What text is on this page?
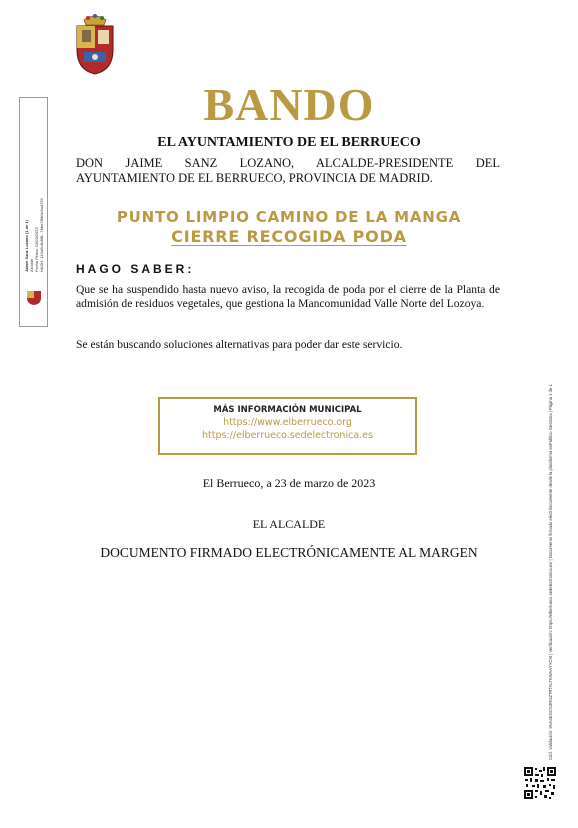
Jaime Sanz Lozano (1 de 1) Alcalde Fecha Firma: 23/03/2023 HASH: 113a5c4b8f8...7bbe2f5b0c9ad729
BANDO
EL AYUNTAMIENTO DE EL BERRUECO
DON JAIME SANZ LOZANO, ALCALDE-PRESIDENTE DEL AYUNTAMIENTO DE EL BERRUECO, PROVINCIA DE MADRID.
PUNTO LIMPIO CAMINO DE LA MANGA
CIERRE RECOGIDA PODA
HAGO SABER:
Que se ha suspendido hasta nuevo aviso, la recogida de poda por el cierre de la Planta de admisión de residuos vegetales, que gestiona la Mancomunidad Valle Norte del Lozoya.
Se están buscando soluciones alternativas para poder dar este servicio.
MÁS INFORMACIÓN MUNICIPAL
https://www.elberrueco.org
https://elberrueco.sedelectronica.es
El Berrueco, a 23 de marzo de 2023
EL ALCALDE
DOCUMENTO FIRMADO ELECTRÓNICAMENTE AL MARGEN	Cód. Validación: 9NA4EGCN3RGZ7RTALTKWAAYYCM | Verificación: https://elberrueco.sedelectronica.es/ | Documento firmado electrónicamente desde la plataforma esPublico Gestiona | Página 1 de 1
